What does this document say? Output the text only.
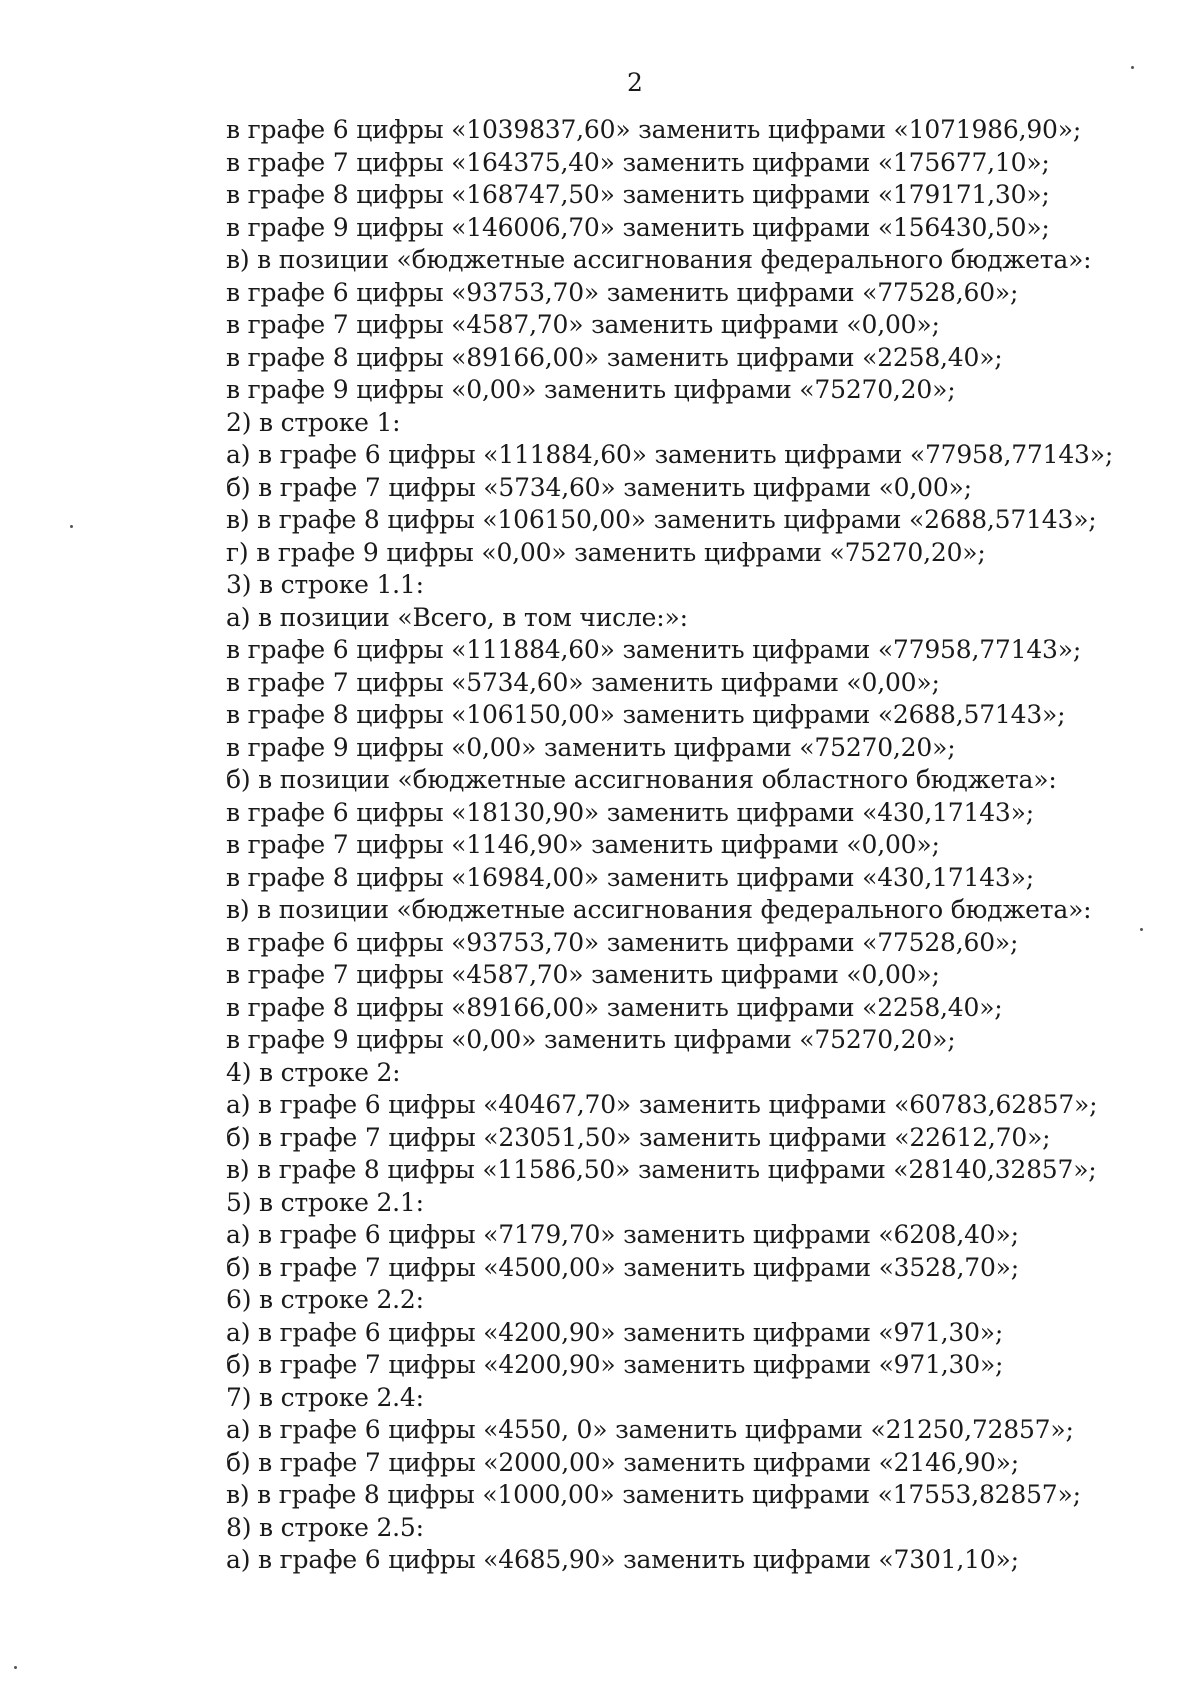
2
в графе 6 цифры «1039837,60» заменить цифрами «1071986,90»;
в графе 7 цифры «164375,40» заменить цифрами «175677,10»;
в графе 8 цифры «168747,50» заменить цифрами «179171,30»;
в графе 9 цифры «146006,70» заменить цифрами «156430,50»;
в) в позиции «бюджетные ассигнования федерального бюджета»:
в графе 6 цифры «93753,70» заменить цифрами «77528,60»;
в графе 7 цифры «4587,70» заменить цифрами «0,00»;
в графе 8 цифры «89166,00» заменить цифрами «2258,40»;
в графе 9 цифры «0,00» заменить цифрами «75270,20»;
2) в строке 1:
а) в графе 6 цифры «111884,60» заменить цифрами «77958,77143»;
б) в графе 7 цифры «5734,60» заменить цифрами «0,00»;
в) в графе 8 цифры «106150,00» заменить цифрами «2688,57143»;
г) в графе 9 цифры «0,00» заменить цифрами «75270,20»;
3) в строке 1.1:
а) в позиции «Всего, в том числе:»:
в графе 6 цифры «111884,60» заменить цифрами «77958,77143»;
в графе 7 цифры «5734,60» заменить цифрами «0,00»;
в графе 8 цифры «106150,00» заменить цифрами «2688,57143»;
в графе 9 цифры «0,00» заменить цифрами «75270,20»;
б) в позиции «бюджетные ассигнования областного бюджета»:
в графе 6 цифры «18130,90» заменить цифрами «430,17143»;
в графе 7 цифры «1146,90» заменить цифрами «0,00»;
в графе 8 цифры «16984,00» заменить цифрами «430,17143»;
в) в позиции «бюджетные ассигнования федерального бюджета»:
в графе 6 цифры «93753,70» заменить цифрами «77528,60»;
в графе 7 цифры «4587,70» заменить цифрами «0,00»;
в графе 8 цифры «89166,00» заменить цифрами «2258,40»;
в графе 9 цифры «0,00» заменить цифрами «75270,20»;
4) в строке 2:
а) в графе 6 цифры «40467,70» заменить цифрами «60783,62857»;
б) в графе 7 цифры «23051,50» заменить цифрами «22612,70»;
в) в графе 8 цифры «11586,50» заменить цифрами «28140,32857»;
5) в строке 2.1:
а) в графе 6 цифры «7179,70» заменить цифрами «6208,40»;
б) в графе 7 цифры «4500,00» заменить цифрами «3528,70»;
6) в строке 2.2:
а) в графе 6 цифры «4200,90» заменить цифрами «971,30»;
б) в графе 7 цифры «4200,90» заменить цифрами «971,30»;
7) в строке 2.4:
а) в графе 6 цифры «4550, 0» заменить цифрами «21250,72857»;
б) в графе 7 цифры «2000,00» заменить цифрами «2146,90»;
в) в графе 8 цифры «1000,00» заменить цифрами «17553,82857»;
8) в строке 2.5:
а) в графе 6 цифры «4685,90» заменить цифрами «7301,10»;
